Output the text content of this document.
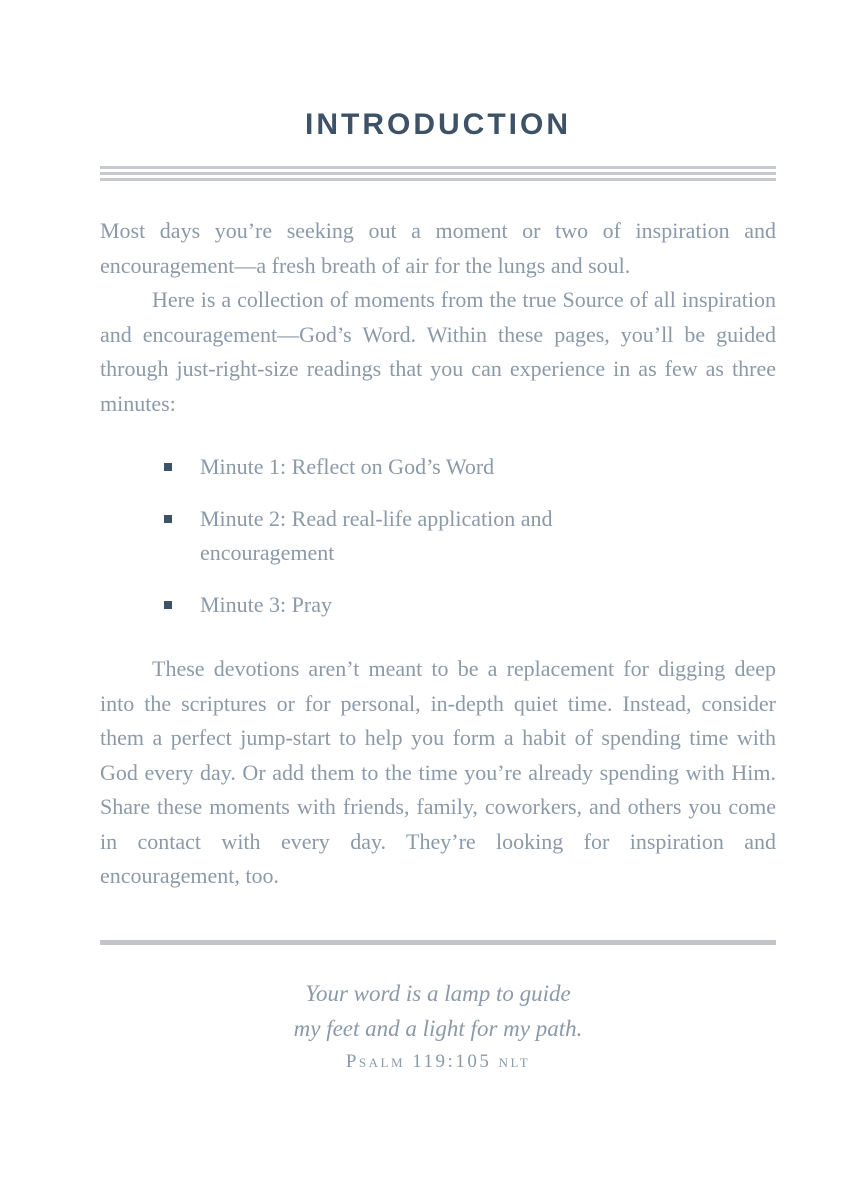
INTRODUCTION

Most days you’re seeking out a moment or two of inspiration and encouragement—a fresh breath of air for the lungs and soul.

Here is a collection of moments from the true Source of all inspiration and encouragement—God’s Word. Within these pages, you’ll be guided through just-right-size readings that you can experience in as few as three minutes:

Minute 1: Reflect on God’s Word
Minute 2: Read real-life application and
encouragement
Minute 3: Pray

These devotions aren’t meant to be a replacement for digging deep into the scriptures or for personal, in-depth quiet time. Instead, consider them a perfect jump-start to help you form a habit of spending time with God every day. Or add them to the time you’re already spending with Him. Share these moments with friends, family, coworkers, and others you come in contact with every day. They’re looking for inspiration and encouragement, too.

Your word is a lamp to guide

my feet and a light for my path.

Psalm 119:105 nlt
